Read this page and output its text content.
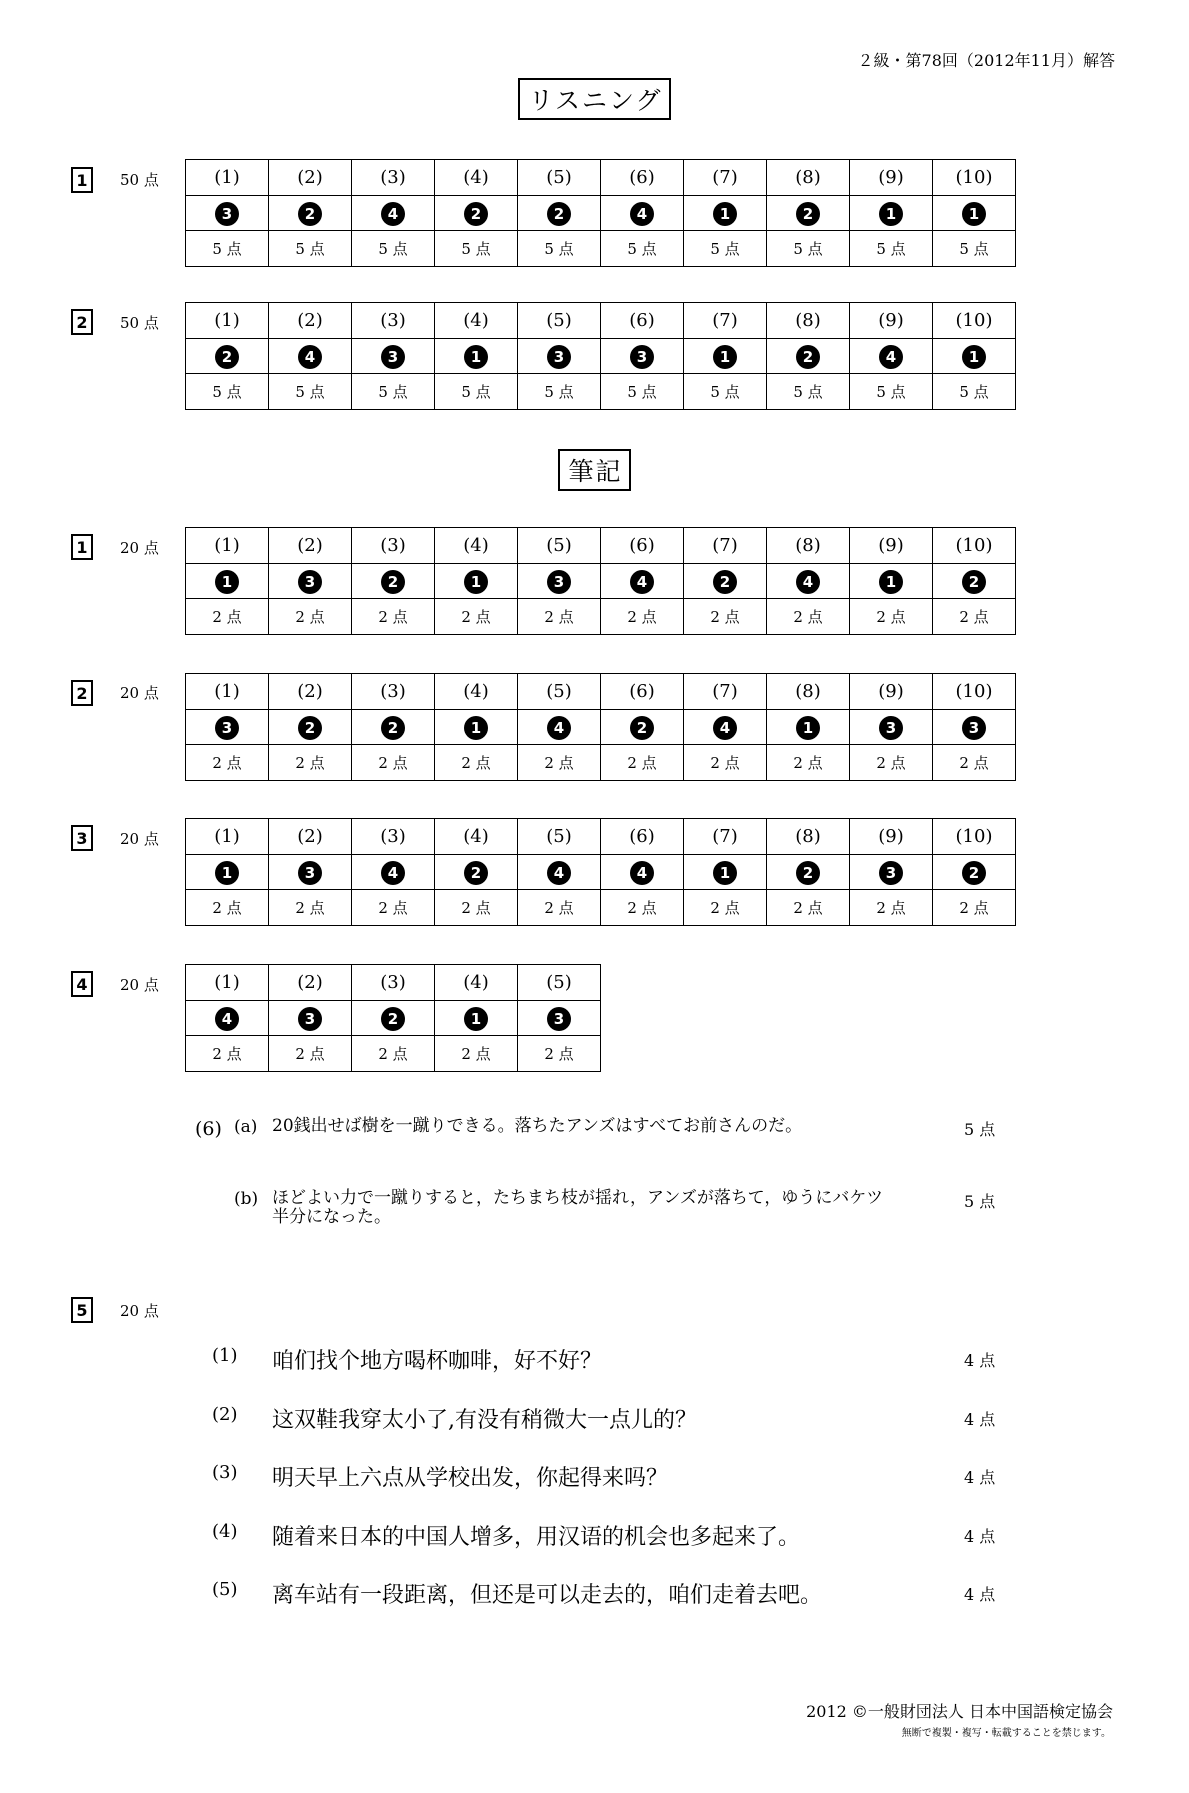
２級・第78回（2012年11月）解答
リスニング
1	50 点	(1)	(2)	(3)	(4)	(5)	(6)	(7)	(8)	(9)	(10)
3	2	4	2	2	4	1	2	1	1
5 点	5 点	5 点	5 点	5 点	5 点	5 点	5 点	5 点	5 点
2	50 点	(1)	(2)	(3)	(4)	(5)	(6)	(7)	(8)	(9)	(10)
2	4	3	1	3	3	1	2	4	1
5 点	5 点	5 点	5 点	5 点	5 点	5 点	5 点	5 点	5 点
筆記
1	20 点	(1)	(2)	(3)	(4)	(5)	(6)	(7)	(8)	(9)	(10)
1	3	2	1	3	4	2	4	1	2
2 点	2 点	2 点	2 点	2 点	2 点	2 点	2 点	2 点	2 点
2	20 点	(1)	(2)	(3)	(4)	(5)	(6)	(7)	(8)	(9)	(10)
3	2	2	1	4	2	4	1	3	3
2 点	2 点	2 点	2 点	2 点	2 点	2 点	2 点	2 点	2 点
3	20 点	(1)	(2)	(3)	(4)	(5)	(6)	(7)	(8)	(9)	(10)
1	3	4	2	4	4	1	2	3	2
2 点	2 点	2 点	2 点	2 点	2 点	2 点	2 点	2 点	2 点
4	20 点	(1)	(2)	(3)	(4)	(5)
4	3	2	1	3
2 点	2 点	2 点	2 点	2 点
(6) (a) 20銭出せば樹を一蹴りできる。落ちたアンズはすべてお前さんのだ。	5 点
(b) ほどよい力で一蹴りすると，たちまち枝が揺れ，アンズが落ちて，ゆうにバケツ半分になった。
5 点
5	20 点
(1) 咱们找个地方喝杯咖啡，好不好？	4 点
(2) 这双鞋我穿太小了,有没有稍微大一点儿的？	4 点
(3) 明天早上六点从学校出发，你起得来吗？	4 点
(4) 随着来日本的中国人增多，用汉语的机会也多起来了。	4 点
(5) 离车站有一段距离，但还是可以走去的，咱们走着去吧。	4 点
2012 ©一般財団法人 日本中国語検定協会
無断で複製・複写・転載することを禁じます。
